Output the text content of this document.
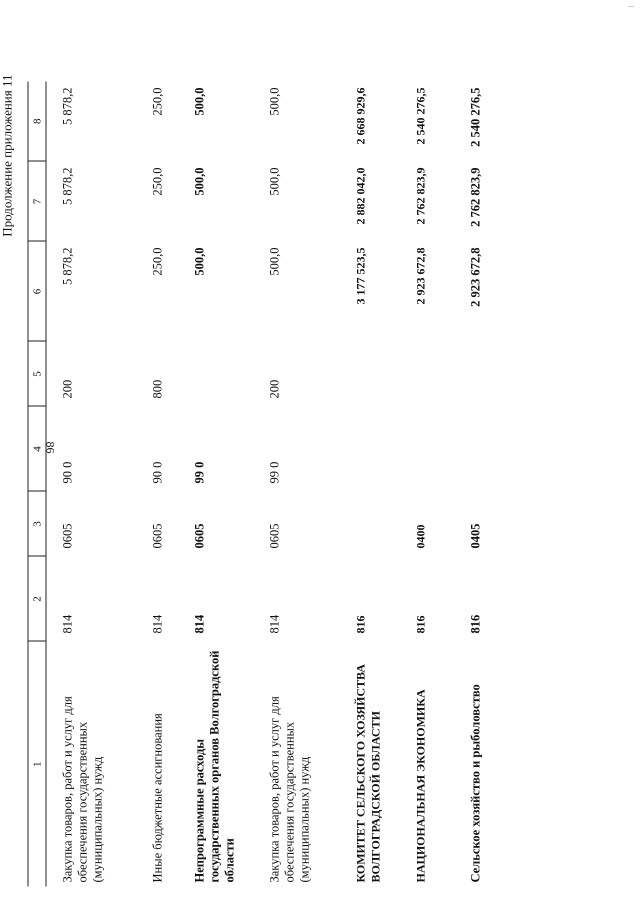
...
86
Продолжение приложения 11
1	2	3	4	5	6	7	8
Закупка товаров, работ и услуг для обеспечения государственных (муниципальных) нужд	814	0605	90 0	200	5 878,2	5 878,2	5 878,2
Иные бюджетные ассигнования	814	0605	90 0	800	250,0	250,0	250,0
Непрограммные расходы государственных органов Волгоградской области	814	0605	99 0		500,0	500,0	500,0
Закупка товаров, работ и услуг для обеспечения государственных (муниципальных) нужд	814	0605	99 0	200	500,0	500,0	500,0
КОМИТЕТ СЕЛЬСКОГО ХОЗЯЙСТВА ВОЛГОГРАДСКОЙ ОБЛАСТИ	816				3 177 523,5	2 882 042,0	2 668 929,6
НАЦИОНАЛЬНАЯ ЭКОНОМИКА	816	0400			2 923 672,8	2 762 823,9	2 540 276,5
Сельское хозяйство и рыболовство	816	0405			2 923 672,8	2 762 823,9	2 540 276,5
